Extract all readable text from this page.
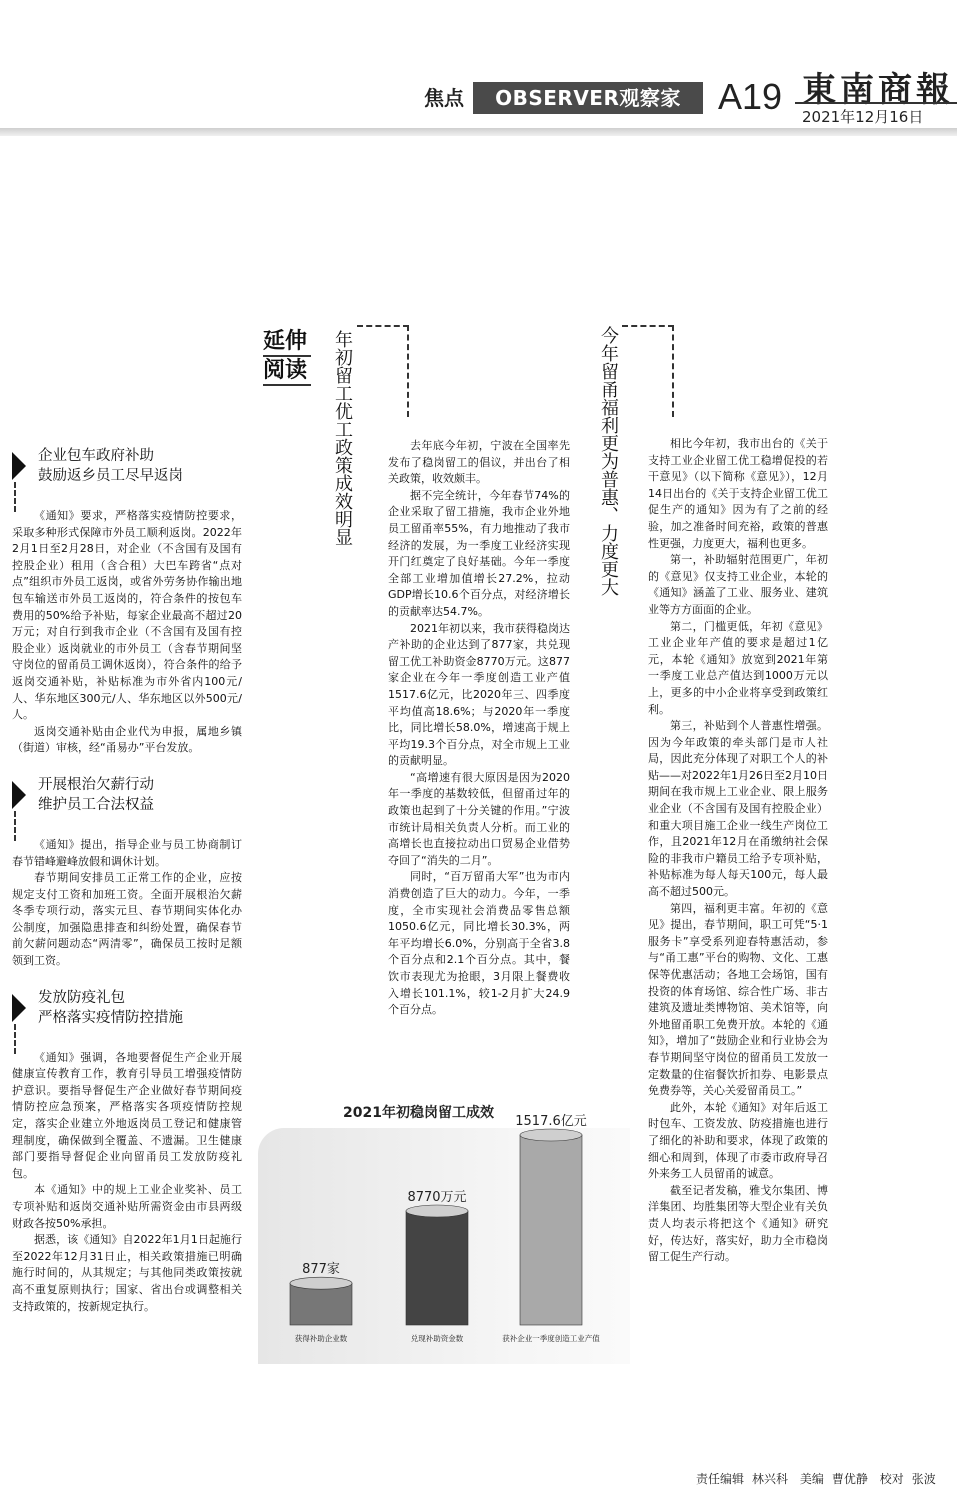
焦点	OBSERVER观察家	A19 東南商報
2021年12月16日
延伸
阅读 年初留工优工政策成效明显	今年留甬福利更为普惠、力度更大
企业包车政府补助
鼓励返乡员工尽早返岗

《通知》要求，严格落实疫情防控要求，采取多种形式保障市外员工顺利返岗。2022年2月1日至2月28日，对企业（不含国有及国有控股企业）租用（含合租）大巴车跨省“点对点”组织市外员工返岗，或省外劳务协作输出地包车输送市外员工返岗的，符合条件的按包车费用的50%给予补贴，每家企业最高不超过20万元；对自行到我市企业（不含国有及国有控股企业）返岗就业的市外员工（含春节期间坚守岗位的留甬员工调休返岗），符合条件的给予返岗交通补贴，补贴标准为市外省内100元/人、华东地区300元/人、华东地区以外500元/人。

返岗交通补贴由企业代为申报，属地乡镇（街道）审核，经“甬易办”平台发放。

开展根治欠薪行动
维护员工合法权益

《通知》提出，指导企业与员工协商制订春节错峰避峰放假和调休计划。

春节期间安排员工正常工作的企业，应按规定支付工资和加班工资。全面开展根治欠薪冬季专项行动，落实元旦、春节期间实体化办公制度，加强隐患排查和纠纷处置，确保春节前欠薪问题动态“两清零”，确保员工按时足额领到工资。

发放防疫礼包
严格落实疫情防控措施

《通知》强调，各地要督促生产企业开展健康宣传教育工作，教育引导员工增强疫情防护意识。要指导督促生产企业做好春节期间疫情防控应急预案，严格落实各项疫情防控规定，落实企业建立外地返岗员工登记和健康管理制度，确保做到全覆盖、不遗漏。卫生健康部门要指导督促企业向留甬员工发放防疫礼包。

本《通知》中的规上工业企业奖补、员工专项补贴和返岗交通补贴所需资金由市县两级财政各按50%承担。

据悉，该《通知》自2022年1月1日起施行至2022年12月31日止，相关政策措施已明确施行时间的，从其规定；与其他同类政策按就高不重复原则执行；国家、省出台或调整相关支持政策的，按新规定执行。

去年底今年初，宁波在全国率先发布了稳岗留工的倡议，并出台了相关政策，收效颇丰。

据不完全统计，今年春节74%的企业采取了留工措施，我市企业外地员工留甬率55%，有力地推动了我市经济的发展，为一季度工业经济实现开门红奠定了良好基础。今年一季度全部工业增加值增长27.2%，拉动GDP增长10.6个百分点，对经济增长的贡献率达54.7%。

2021年初以来，我市获得稳岗达产补助的企业达到了877家，共兑现留工优工补助资金8770万元。这877家企业在今年一季度创造工业产值1517.6亿元，比2020年三、四季度平均值高18.6%；与2020年一季度比，同比增长58.0%，增速高于规上平均19.3个百分点，对全市规上工业的贡献明显。

“高增速有很大原因是因为2020年一季度的基数较低，但留甬过年的政策也起到了十分关键的作用。”宁波市统计局相关负责人分析。而工业的高增长也直接拉动出口贸易企业借势夺回了“消失的二月”。

同时，“百万留甬大军”也为市内消费创造了巨大的动力。今年，一季度，全市实现社会消费品零售总额1050.6亿元，同比增长30.3%，两年平均增长6.0%，分别高于全省3.8个百分点和2.1个百分点。其中，餐饮市表现尤为抢眼，3月限上餐费收入增长101.1%，较1-2月扩大24.9个百分点。

相比今年初，我市出台的《关于支持工业企业留工优工稳增促投的若干意见》（以下简称《意见》），12月14日出台的《关于支持企业留工优工促生产的通知》因为有了之前的经验，加之准备时间充裕，政策的普惠性更强，力度更大，福利也更多。

第一，补助辐射范围更广，年初的《意见》仅支持工业企业，本轮的《通知》涵盖了工业、服务业、建筑业等方方面面的企业。

第二，门槛更低，年初《意见》工业企业年产值的要求是超过1亿元，本轮《通知》放宽到2021年第一季度工业总产值达到1000万元以上，更多的中小企业将享受到政策红利。

第三，补贴到个人普惠性增强。因为今年政策的牵头部门是市人社局，因此充分体现了对职工个人的补贴——对2022年1月26日至2月10日期间在我市规上工业企业、限上服务业企业（不含国有及国有控股企业）和重大项目施工企业一线生产岗位工作，且2021年12月在甬缴纳社会保险的非我市户籍员工给予专项补贴，补贴标准为每人每天100元，每人最高不超过500元。

第四，福利更丰富。年初的《意见》提出，春节期间，职工可凭“5·1服务卡”享受系列迎春特惠活动，参与“甬工惠”平台的购物、文化、工惠保等优惠活动；各地工会场馆，国有投资的体育场馆、综合性广场、非古建筑及遗址类博物馆、美术馆等，向外地留甬职工免费开放。本轮的《通知》，增加了“鼓励企业和行业协会为春节期间坚守岗位的留甬员工发放一定数量的住宿餐饮折扣券、电影景点免费券等，关心关爱留甬员工。”

此外，本轮《通知》对年后返工时包车、工资发放、防疫措施也进行了细化的补助和要求，体现了政策的细心和周到，体现了市委市政府导召外来务工人员留甬的诚意。

截至记者发稿，雅戈尔集团、博洋集团、均胜集团等大型企业有关负责人均表示将把这个《通知》研究好，传达好，落实好，助力全市稳岗留工促生产行动。

2021年初稳岗留工成效
877家
获得补助企业数
8770万元
兑现补助资金数
1517.6亿元
获补企业一季度创造工业产值
责任编辑 林兴科 美编 曹优静 校对 张波
